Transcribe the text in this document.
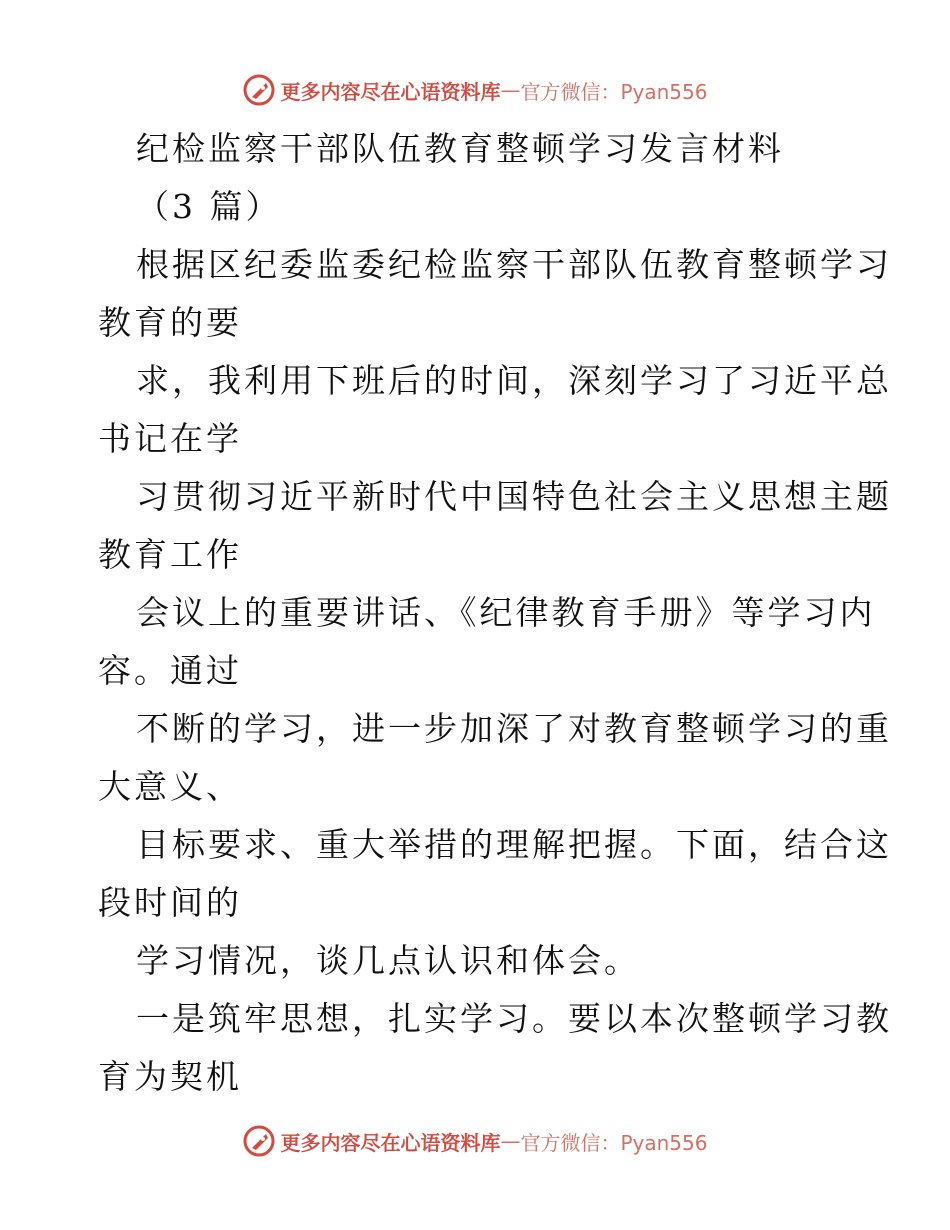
更多内容尽在心语资料库 — 官方微信：Pyan556
纪检监察干部队伍教育整顿学习发言材料
（3 篇）
根据区纪委监委纪检监察干部队伍教育整顿学习
教育的要
求，我利用下班后的时间，深刻学习了习近平总
书记在学
习贯彻习近平新时代中国特色社会主义思想主题
教育工作
会议上的重要讲话、《纪律教育手册》等学习内
容。通过
不断的学习，进一步加深了对教育整顿学习的重
大意义、
目标要求、重大举措的理解把握。下面，结合这
段时间的
学习情况，谈几点认识和体会。
一是筑牢思想，扎实学习。要以本次整顿学习教
育为契机
更多内容尽在心语资料库 — 官方微信：Pyan556
